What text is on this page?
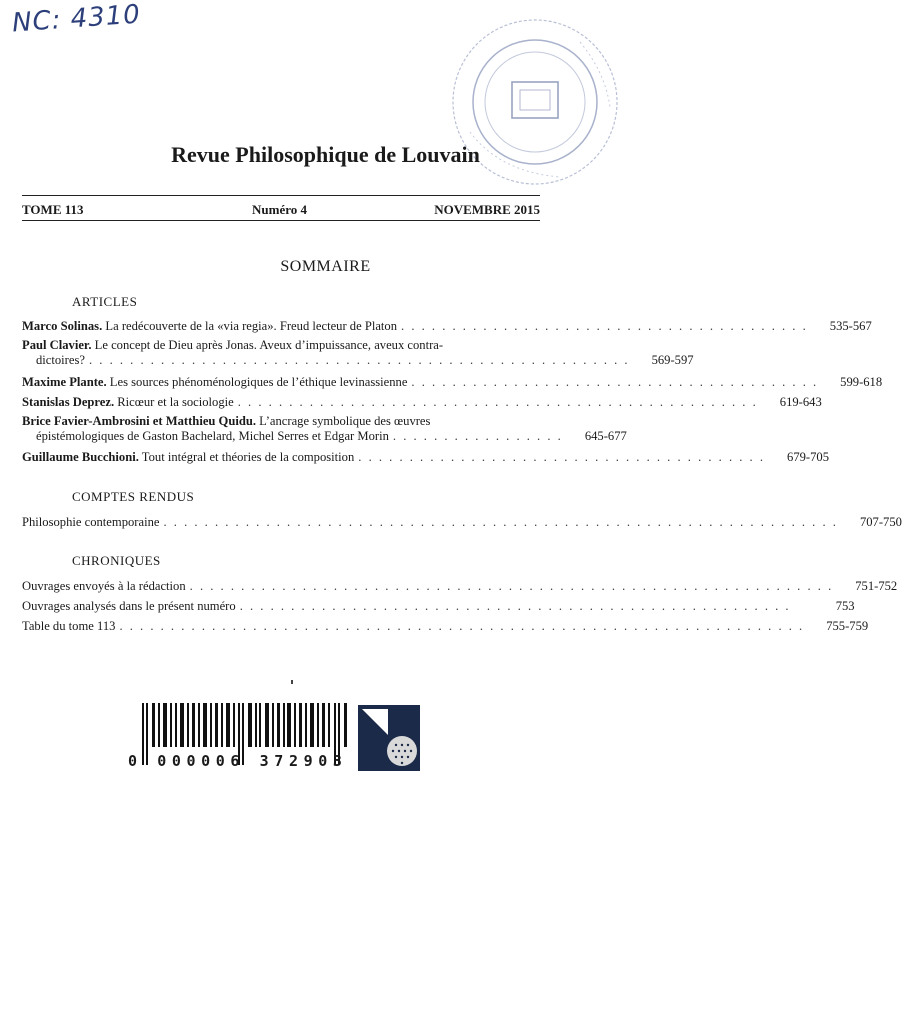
NC: 4310
Revue Philosophique de Louvain
TOME 113	Numéro 4	NOVEMBRE 2015
SOMMAIRE
ARTICLES
Marco Solinas. La redécouverte de la «via regia». Freud lecteur de Platon . . . . . . . . . . . . . . . . . . . . . . . . . . . . . . . . . . . . . . . .	535-567
Paul Clavier. Le concept de Dieu après Jonas. Aveux d’impuissance, aveux contra-
dictoires? . . . . . . . . . . . . . . . . . . . . . . . . . . . . . . . . . . . . . . . . . . . . . . . . . . . . .	569-597
Maxime Plante. Les sources phénoménologiques de l’éthique levinassienne . . . . . . . . . . . . . . . . . . . . . . . . . . . . . . . . . . . . . . . .	599-618
Stanislas Deprez. Ricœur et la sociologie . . . . . . . . . . . . . . . . . . . . . . . . . . . . . . . . . . . . . . . . . . . . . . . . . . .	619-643
Brice Favier-Ambrosini et Matthieu Quidu. L’ancrage symbolique des œuvres
épistémologiques de Gaston Bachelard, Michel Serres et Edgar Morin . . . . . . . . . . . . . . . . .	645-677
Guillaume Bucchioni. Tout intégral et théories de la composition . . . . . . . . . . . . . . . . . . . . . . . . . . . . . . . . . . . . . . . .	679-705
COMPTES RENDUS
Philosophie contemporaine . . . . . . . . . . . . . . . . . . . . . . . . . . . . . . . . . . . . . . . . . . . . . . . . . . . . . . . . . . . . . . . . . .	707-750
CHRONIQUES
Ouvrages envoyés à la rédaction . . . . . . . . . . . . . . . . . . . . . . . . . . . . . . . . . . . . . . . . . . . . . . . . . . . . . . . . . . . . . . .	751-752
Ouvrages analysés dans le présent numéro . . . . . . . . . . . . . . . . . . . . . . . . . . . . . . . . . . . . . . . . . . . . . . . . . . . . . .	753
Table du tome 113 . . . . . . . . . . . . . . . . . . . . . . . . . . . . . . . . . . . . . . . . . . . . . . . . . . . . . . . . . . . . . . . . . . .	755-759
0 000006 372903
